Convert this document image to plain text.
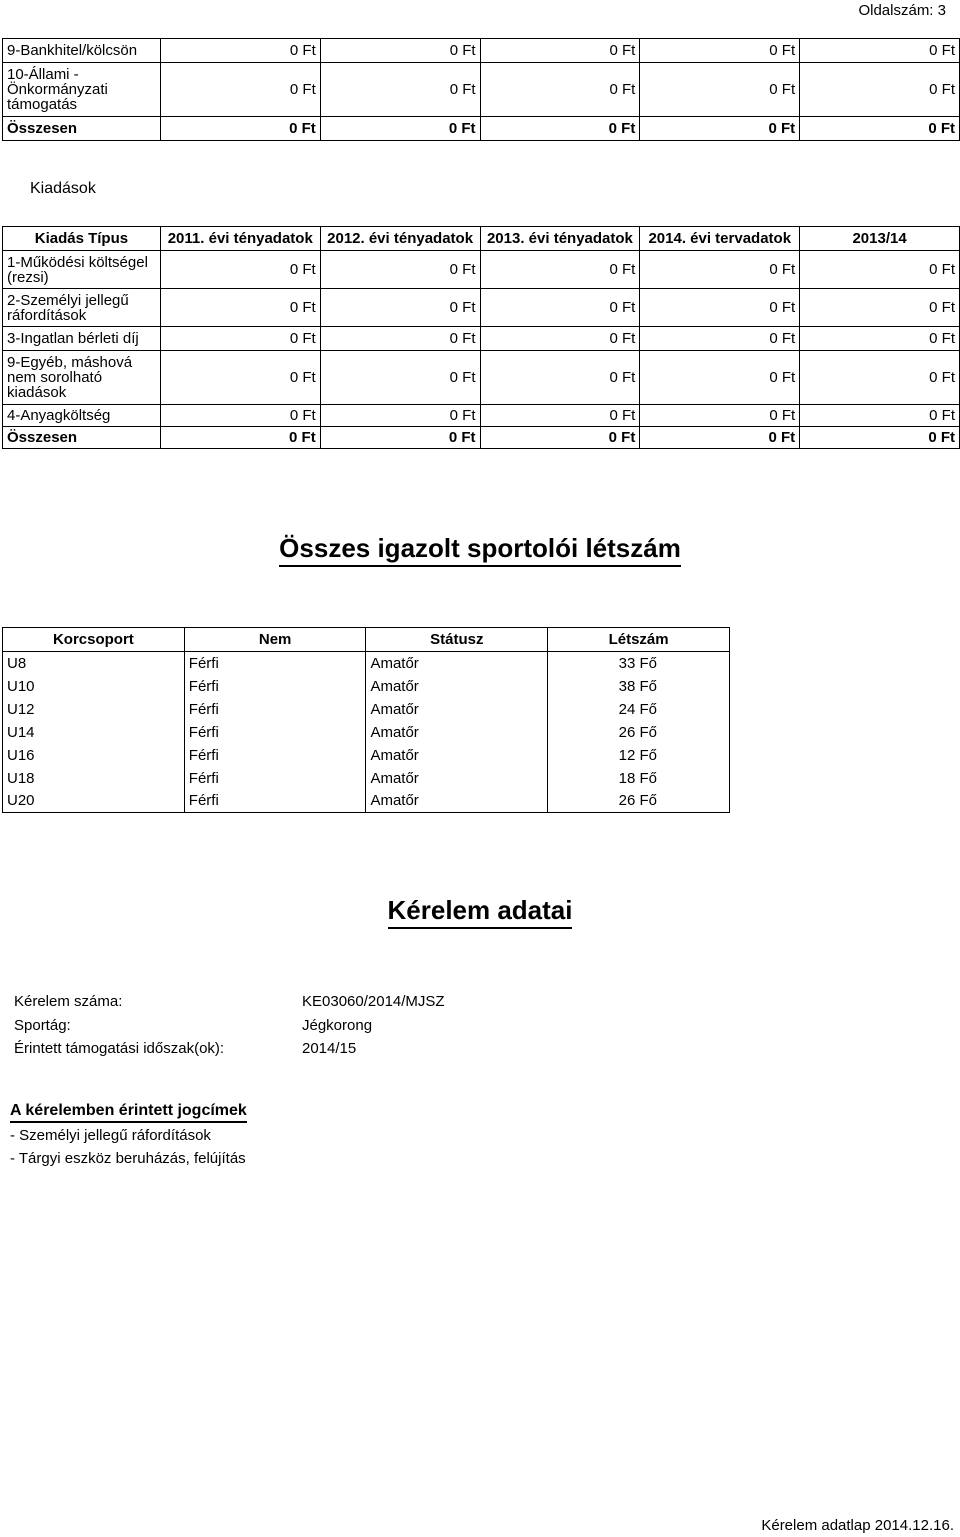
Oldalszám: 3
9-Bankhitel/kölcsön	0 Ft	0 Ft	0 Ft	0 Ft	0 Ft
10-Állami - Önkormányzati támogatás	0 Ft	0 Ft	0 Ft	0 Ft	0 Ft
Összesen	0 Ft	0 Ft	0 Ft	0 Ft	0 Ft
Kiadások
Kiadás Típus	2011. évi tényadatok	2012. évi tényadatok	2013. évi tényadatok	2014. évi tervadatok	2013/14
1-Működési költségel (rezsi)	0 Ft	0 Ft	0 Ft	0 Ft	0 Ft
2-Személyi jellegű ráfordítások	0 Ft	0 Ft	0 Ft	0 Ft	0 Ft
3-Ingatlan bérleti díj	0 Ft	0 Ft	0 Ft	0 Ft	0 Ft
9-Egyéb, máshová nem sorolható kiadások	0 Ft	0 Ft	0 Ft	0 Ft	0 Ft
4-Anyagköltség	0 Ft	0 Ft	0 Ft	0 Ft	0 Ft
Összesen	0 Ft	0 Ft	0 Ft	0 Ft	0 Ft
Összes igazolt sportolói létszám
Korcsoport	Nem	Státusz	Létszám
U8	Férfi	Amatőr	33 Fő
U10	Férfi	Amatőr	38 Fő
U12	Férfi	Amatőr	24 Fő
U14	Férfi	Amatőr	26 Fő
U16	Férfi	Amatőr	12 Fő
U18	Férfi	Amatőr	18 Fő
U20	Férfi	Amatőr	26 Fő
Kérelem adatai
Kérelem száma:	KE03060/2014/MJSZ
Sportág:	Jégkorong
Érintett támogatási időszak(ok):	2014/15
A kérelemben érintett jogcímek
- Személyi jellegű ráfordítások
- Tárgyi eszköz beruházás, felújítás
Kérelem adatlap 2014.12.16.
